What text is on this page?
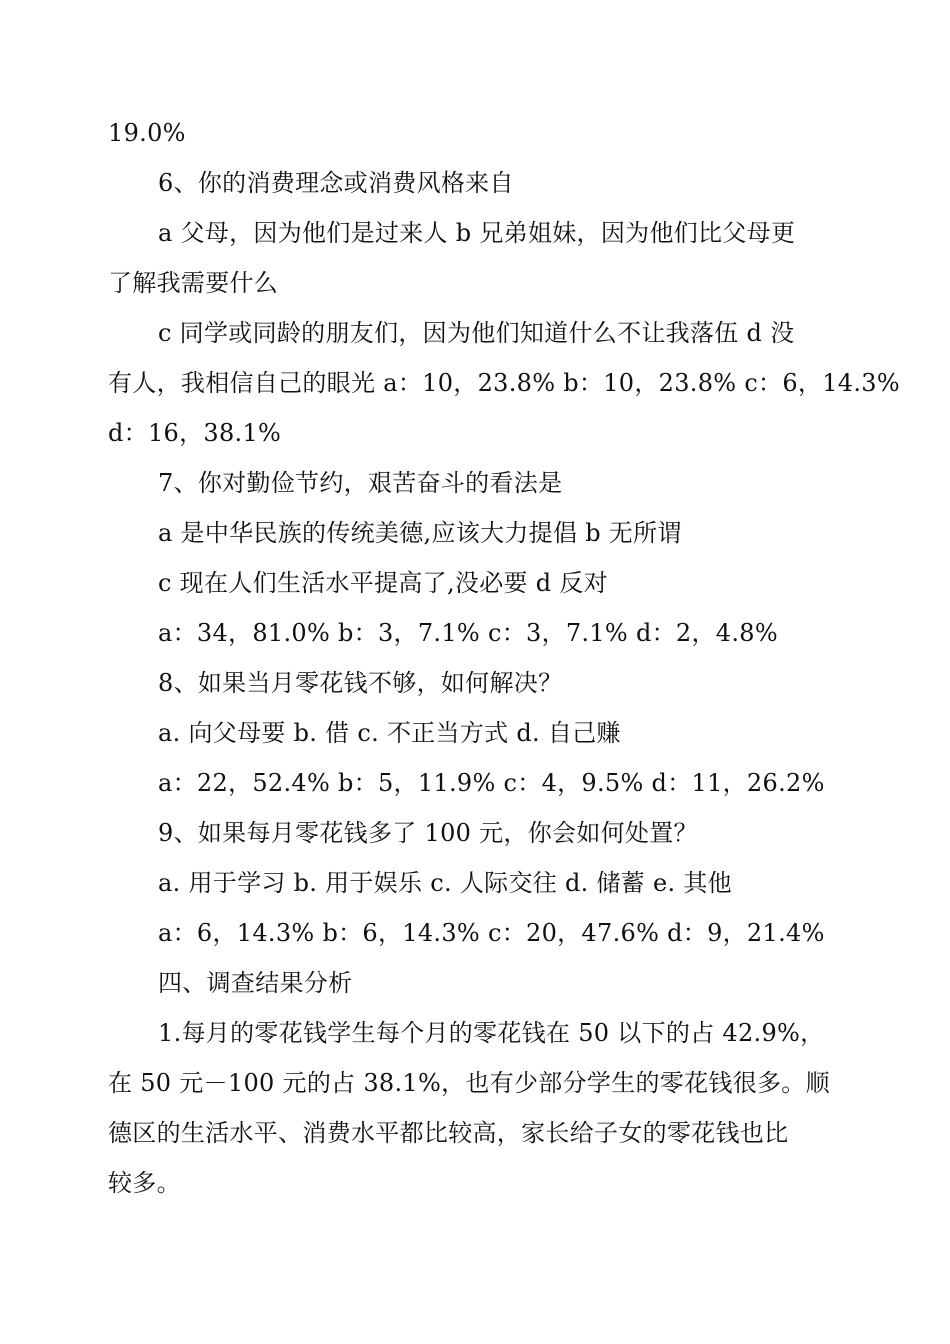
19.0%
6、你的消费理念或消费风格来自
a 父母，因为他们是过来人 b 兄弟姐妹，因为他们比父母更
了解我需要什么
c 同学或同龄的朋友们，因为他们知道什么不让我落伍 d 没
有人，我相信自己的眼光 a：10，23.8% b：10，23.8% c：6，14.3%
d：16，38.1%
7、你对勤俭节约，艰苦奋斗的看法是
a 是中华民族的传统美德,应该大力提倡 b 无所谓
c 现在人们生活水平提高了,没必要 d 反对
a：34，81.0% b：3，7.1% c：3，7.1% d：2，4.8%
8、如果当月零花钱不够，如何解决？
a. 向父母要 b. 借 c. 不正当方式 d. 自己赚
a：22，52.4% b：5，11.9% c：4，9.5% d：11，26.2%
9、如果每月零花钱多了 100 元，你会如何处置？
a. 用于学习 b. 用于娱乐 c. 人际交往 d. 储蓄 e. 其他
a：6，14.3% b：6，14.3% c：20，47.6% d：9，21.4%
四、调查结果分析
1.每月的零花钱学生每个月的零花钱在 50 以下的占 42.9%，
在 50 元－100 元的占 38.1%，也有少部分学生的零花钱很多。顺
德区的生活水平、消费水平都比较高，家长给子女的零花钱也比
较多。
